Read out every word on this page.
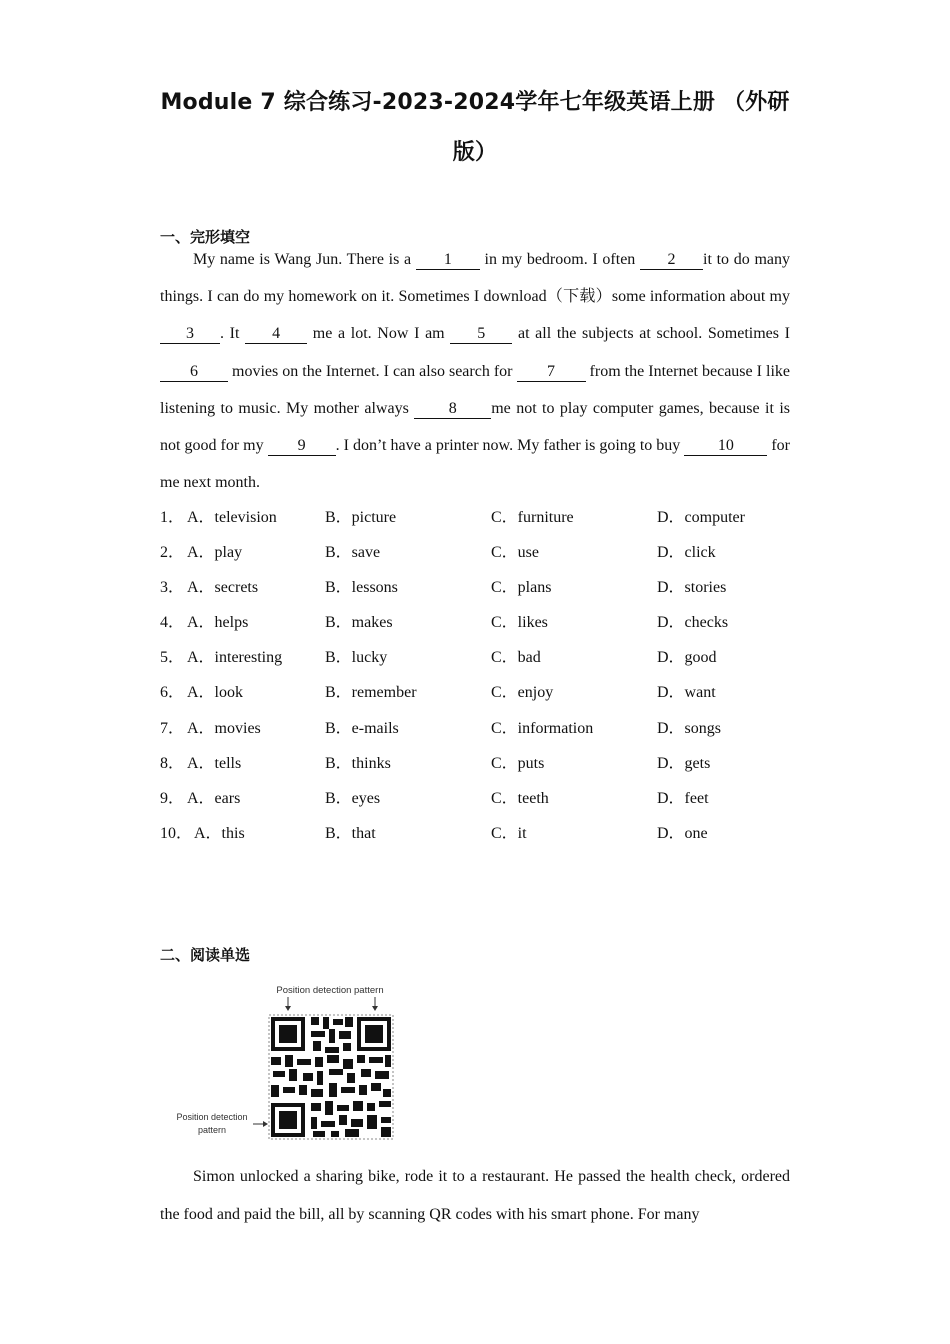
Module 7 综合练习-2023-2024学年七年级英语上册 （外研版）
一、完形填空

My name is Wang Jun. There is a 1 in my bedroom. I often 2 it to do many things. I can do my homework on it. Sometimes I download（下载）some information about my 3 . It 4 me a lot. Now I am 5 at all the subjects at school. Sometimes I 6 movies on the Internet. I can also search for 7 from the Internet because I like listening to music. My mother always 8 me not to play computer games, because it is not good for my 9 . I don’t have a printer now. My father is going to buy 10 for me next month.

1． A．television	B．picture	C．furniture	D．computer
2． A．play	B．save	C．use	D．click
3． A．secrets	B．lessons	C．plans	D．stories
4． A．helps	B．makes	C．likes	D．checks
5． A．interesting	B．lucky	C．bad	D．good
6． A．look	B．remember	C．enjoy	D．want
7． A．movies	B．e-mails	C．information	D．songs
8． A．tells	B．thinks	C．puts	D．gets
9． A．ears	B．eyes	C．teeth	D．feet
10． A．this	B．that	C．it	D．one
二、阅读单选
Position detection pattern
Position detection
pattern

Simon unlocked a sharing bike, rode it to a restaurant. He passed the health check, ordered the food and paid the bill, all by scanning QR codes with his smart phone. For many
